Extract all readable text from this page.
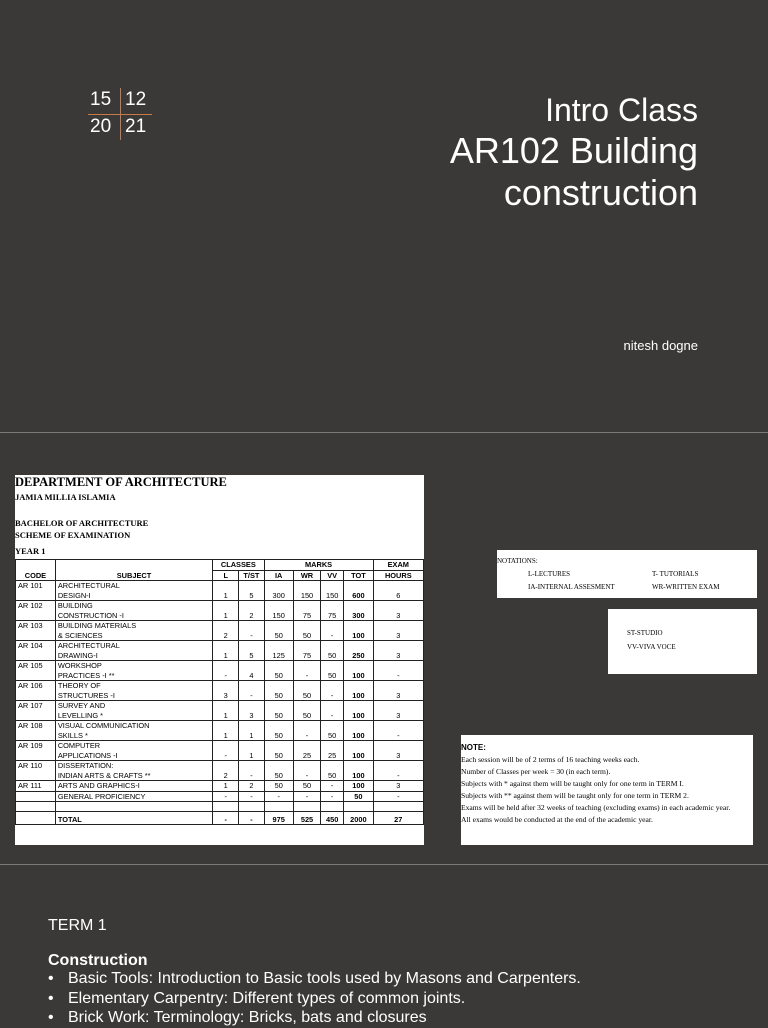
15 12
20 21	Intro Class
AR102 Building
construction
nitesh dogne
DEPARTMENT OF ARCHITECTURE
JAMIA MILLIA ISLAMIA
BACHELOR OF ARCHITECTURE
SCHEME OF EXAMINATION
YEAR 1
CODE	SUBJECT	CLASSES		MARKS				EXAM
		L	T/ST	IA	WR	VV	TOT	HOURS
AR 101	ARCHITECTURAL
DESIGN-I	1	5	300	150	150	600	6
AR 102	BUILDING
CONSTRUCTION -I	1	2	150	75	75	300	3
AR 103	BUILDING MATERIALS
& SCIENCES	2	-	50	50	-	100	3
AR 104	ARCHITECTURAL
DRAWING-I	1	5	125	75	50	250	3
AR 105	WORKSHOP
PRACTICES -I **	-	4	50	-	50	100	-
AR 106	THEORY OF
STRUCTURES -I	3	-	50	50	-	100	3
AR 107	SURVEY AND
LEVELLING *	1	3	50	50	-	100	3
AR 108	VISUAL COMMUNICATION
SKILLS *	1	1	50	-	50	100	-
AR 109	COMPUTER
APPLICATIONS -I	-	1	50	25	25	100	3
AR 110	DISSERTATION:
INDIAN ARTS & CRAFTS **	2	-	50	-	50	100	-
AR 111	ARTS AND GRAPHICS-I	1	2	50	50	-	100	3
	GENERAL PROFICIENCY	-	-	-	-	-	50	-

	TOTAL	-	-	975	525	450	2000	27
NOTATIONS:
L-LECTURES	T- TUTORIALS
IA-INTERNAL ASSESMENT	WR-WRITTEN EXAM
ST-STUDIO
VV-VIVA VOCE
NOTE:
Each session will be of 2 terms of 16 teaching weeks each.
Number of Classes per week = 30 (in each term).
Subjects with * against them will be taught only for one term in TERM I.
Subjects with ** against them will be taught only for one term in TERM 2.
Exams will be held after 32 weeks of teaching (excluding exams) in each academic year.
All exams would be conducted at the end of the academic year.
TERM 1
Construction
• Basic Tools: Introduction to Basic tools used by Masons and Carpenters.
• Elementary Carpentry: Different types of common joints.
• Brick Work: Terminology: Bricks, bats and closures
